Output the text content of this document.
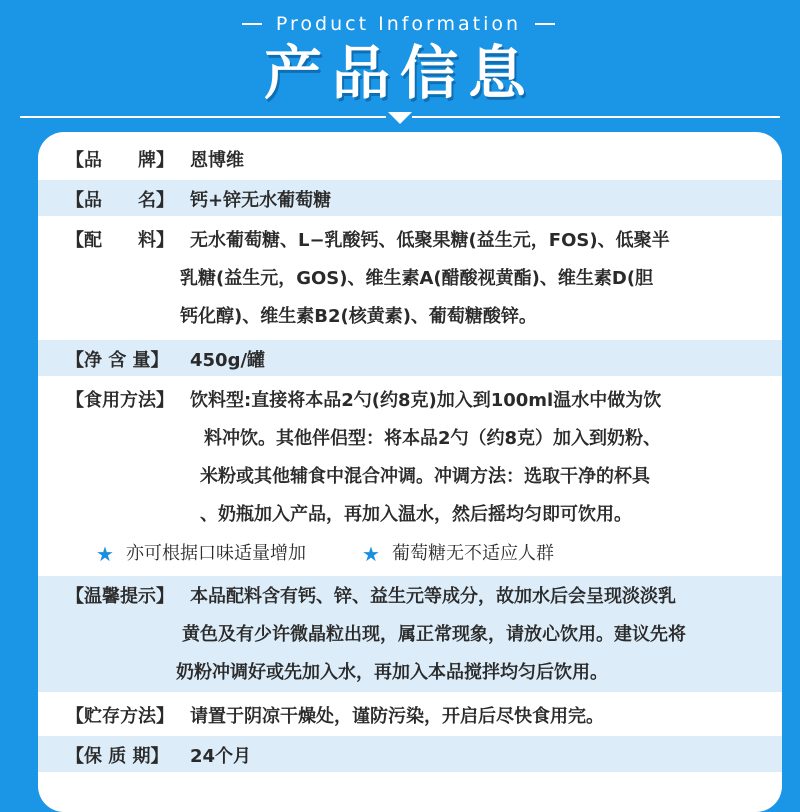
Product Information
产品信息
【品　　牌】 恩博维
【品　　名】 钙+锌无水葡萄糖
【配　　料】 无水葡萄糖、L−乳酸钙、低聚果糖(益生元，FOS)、低聚半
乳糖(益生元，GOS)、维生素A(醋酸视黄酯)、维生素D(胆
钙化醇)、维生素B2(核黄素)、葡萄糖酸锌。
【净 含 量】 450g/罐
【食用方法】 饮料型:直接将本品2勺(约8克)加入到100ml温水中做为饮
料冲饮。其他伴侣型：将本品2勺（约8克）加入到奶粉、
米粉或其他辅食中混合冲调。冲调方法：选取干净的杯具
、奶瓶加入产品，再加入温水，然后摇均匀即可饮用。
★ 亦可根据口味适量增加	★ 葡萄糖无不适应人群
【温馨提示】 本品配料含有钙、锌、益生元等成分，故加水后会呈现淡淡乳
黄色及有少许微晶粒出现，属正常现象，请放心饮用。建议先将
奶粉冲调好或先加入水，再加入本品搅拌均匀后饮用。
【贮存方法】 请置于阴凉干燥处，谨防污染，开启后尽快食用完。
【保 质 期】 24个月
